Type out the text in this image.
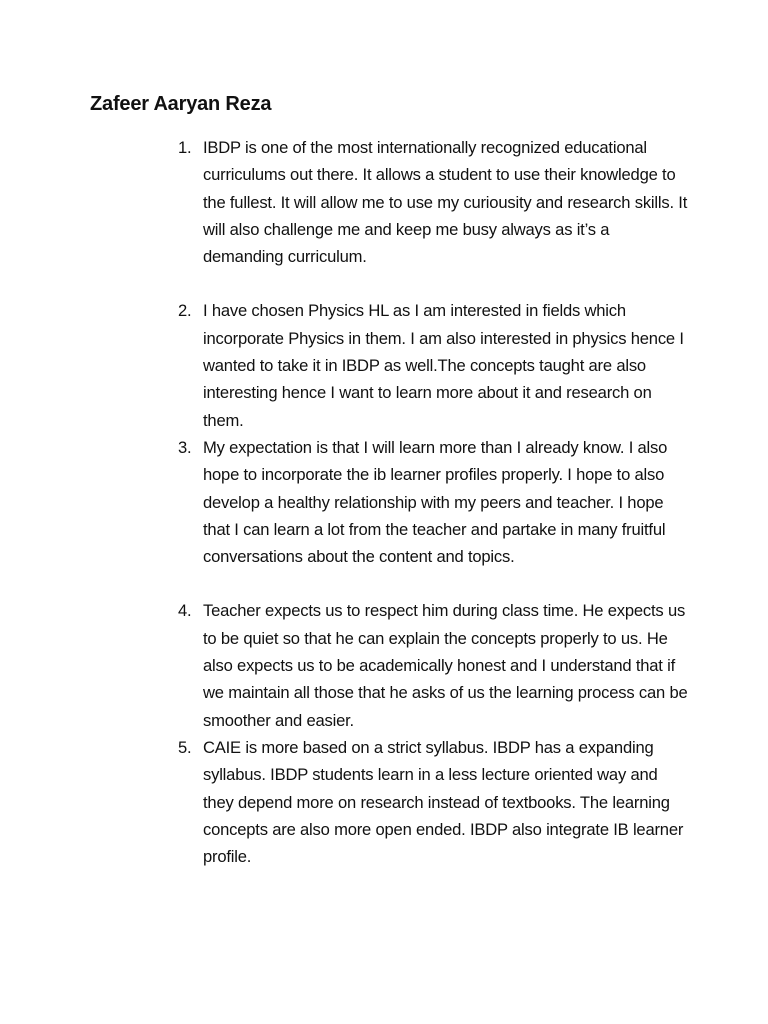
Zafeer Aaryan Reza
1. IBDP is one of the most internationally recognized educational curriculums out there. It allows a student to use their knowledge to the fullest. It will allow me to use my curiousity and research skills. It will also challenge me and keep me busy always as it’s a demanding curriculum.
2. I have chosen Physics HL as I am interested in fields which incorporate Physics in them. I am also interested in physics hence I wanted to take it in IBDP as well.The concepts taught are also interesting hence I want to learn more about it and research on them.
3. My expectation is that I will learn more than I already know. I also hope to incorporate the ib learner profiles properly. I hope to also develop a healthy relationship with my peers and teacher. I hope that I can learn a lot from the teacher and partake in many fruitful conversations about the content and topics.
4. Teacher expects us to respect him during class time. He expects us to be quiet so that he can explain the concepts properly to us. He also expects us to be academically honest and I understand that if we maintain all those that he asks of us the learning process can be smoother and easier.
5. CAIE is more based on a strict syllabus. IBDP has a expanding syllabus. IBDP students learn in a less lecture oriented way and they depend more on research instead of textbooks. The learning concepts are also more open ended. IBDP also integrate IB learner profile.
